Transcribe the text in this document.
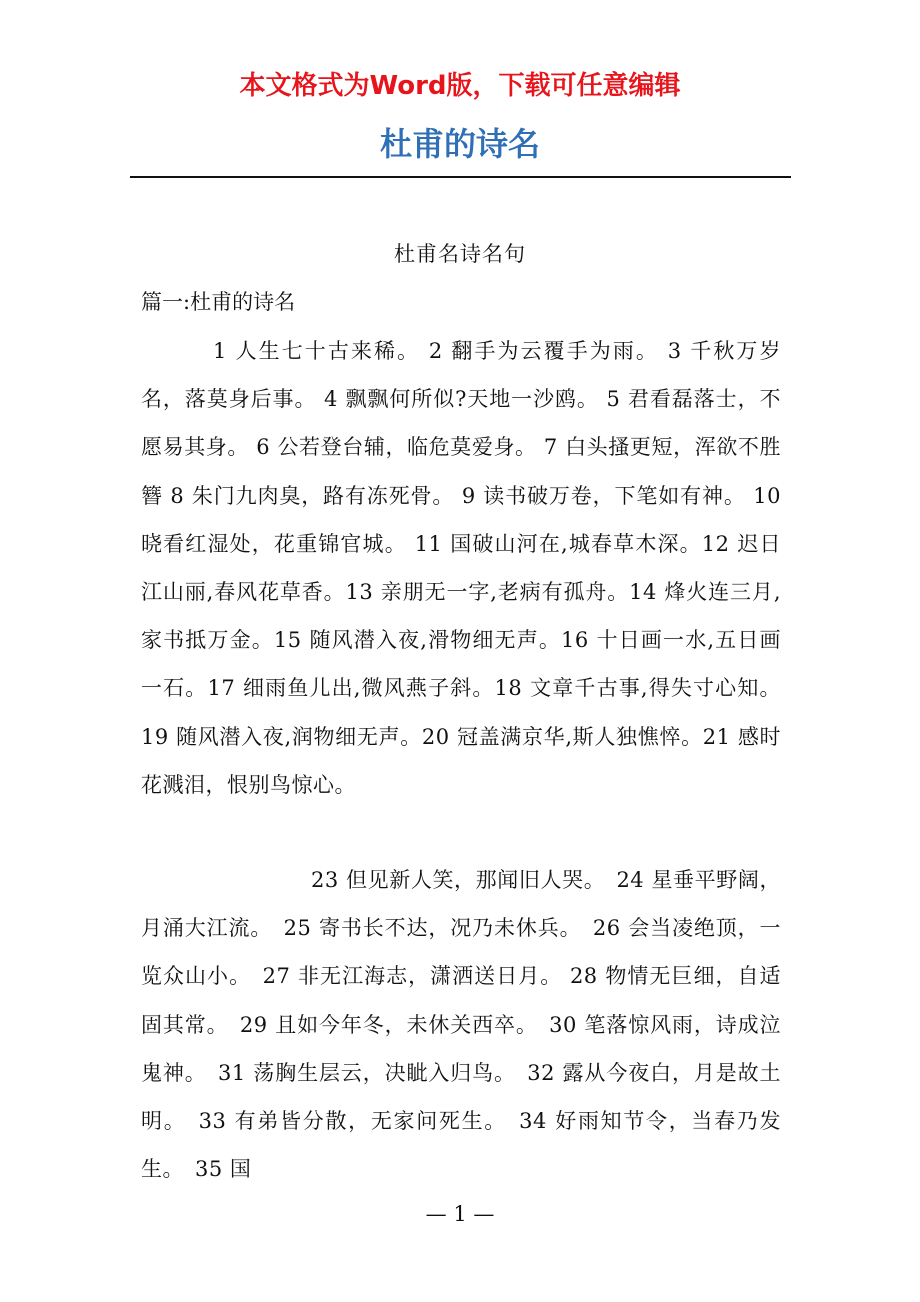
本文格式为Word版，下载可任意编辑
杜甫的诗名
杜甫名诗名句
篇一:杜甫的诗名

1 人生七十古来稀。 2 翻手为云覆手为雨。 3 千秋万岁名，落莫身后事。 4 飘飘何所似?天地一沙鸥。 5 君看磊落士，不愿易其身。 6 公若登台辅，临危莫爱身。 7 白头搔更短，浑欲不胜簪 8 朱门九肉臭，路有冻死骨。 9 读书破万卷，下笔如有神。 10 晓看红湿处，花重锦官城。 11 国破山河在,城春草木深。12 迟日江山丽,春风花草香。13 亲朋无一字,老病有孤舟。14 烽火连三月,家书抵万金。15 随风潜入夜,滑物细无声。16 十日画一水,五日画一石。17 细雨鱼儿出,微风燕子斜。18 文章千古事,得失寸心知。19 随风潜入夜,润物细无声。20 冠盖满京华,斯人独憔悴。21 感时花溅泪，恨别鸟惊心。

23 但见新人笑，那闻旧人哭。　24 星垂平野阔，月涌大江流。　25 寄书长不达，况乃未休兵。　26 会当凌绝顶，一览众山小。　27 非无江海志，潇洒送日月。 28 物情无巨细，自适固其常。　29 且如今年冬，未休关西卒。　30 笔落惊风雨，诗成泣鬼神。　31 荡胸生层云，决眦入归鸟。　32 露从今夜白，月是故土明。　33 有弟皆分散，无家问死生。　34 好雨知节令，当春乃发生。　35 国

— 1 —
